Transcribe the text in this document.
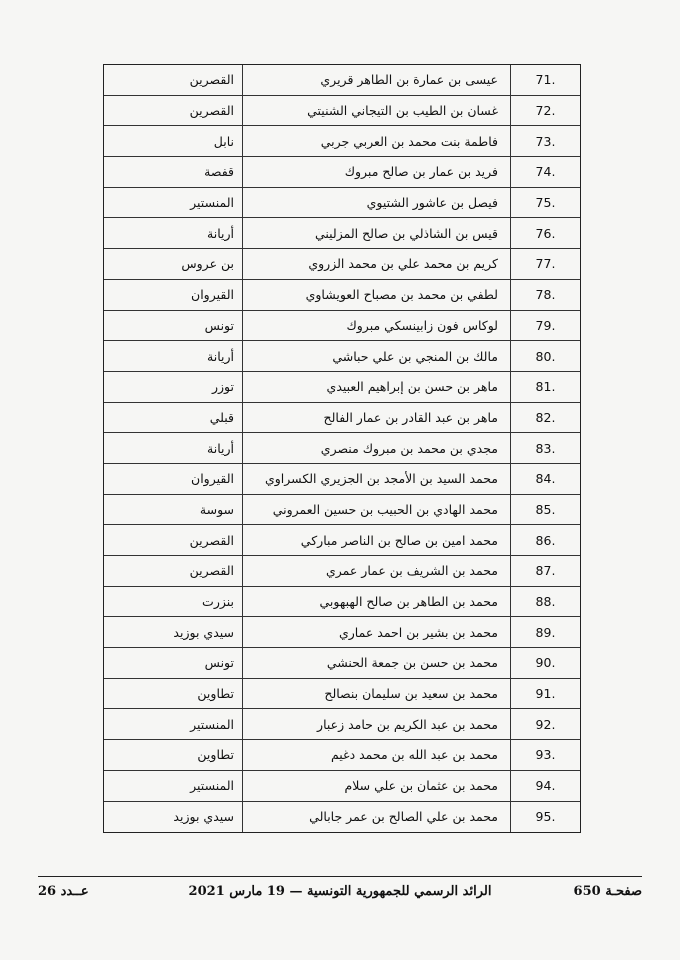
71.
عيسى بن عمارة بن الطاهر قريري
القصرين
72.
غسان بن الطيب بن التيجاني الشنيتي
القصرين
73.
فاطمة بنت محمد بن العربي جربي
نابل
74.
فريد بن عمار بن صالح مبروك
قفصة
75.
فيصل بن عاشور الشتيوي
المنستير
76.
قيس بن الشاذلي بن صالح المزليني
أريانة
77.
كريم بن محمد علي بن محمد الزروي
بن عروس
78.
لطفي بن محمد بن مصباح العويشاوي
القيروان
79.
لوكاس فون زابينسكي مبروك
تونس
80.
مالك بن المنجي بن علي حباشي
أريانة
81.
ماهر بن حسن بن إبراهيم العبيدي
توزر
82.
ماهر بن عبد القادر بن عمار الفالح
قبلي
83.
مجدي بن محمد بن مبروك منصري
أريانة
84.
محمد السيد بن الأمجد بن الجزيري الكسراوي
القيروان
85.
محمد الهادي بن الحبيب بن حسين العمروني
سوسة
86.
محمد امين بن صالح بن الناصر مباركي
القصرين
87.
محمد بن الشريف بن عمار عمري
القصرين
88.
محمد بن الطاهر بن صالح الهبهوبي
بنزرت
89.
محمد بن بشير بن احمد عماري
سيدي بوزيد
90.
محمد بن حسن بن جمعة الحنشي
تونس
91.
محمد بن سعيد بن سليمان بنصالح
تطاوين
92.
محمد بن عبد الكريم بن حامد زعبار
المنستير
93.
محمد بن عبد الله بن محمد دغيم
تطاوين
94.
محمد بن عثمان بن علي سلام
المنستير
95.
محمد بن علي الصالح بن عمر جابالي
سيدي بوزيد
صفحـة 650
الرائد الرسمي للجمهورية التونسية — 19 مارس 2021
عــدد 26
